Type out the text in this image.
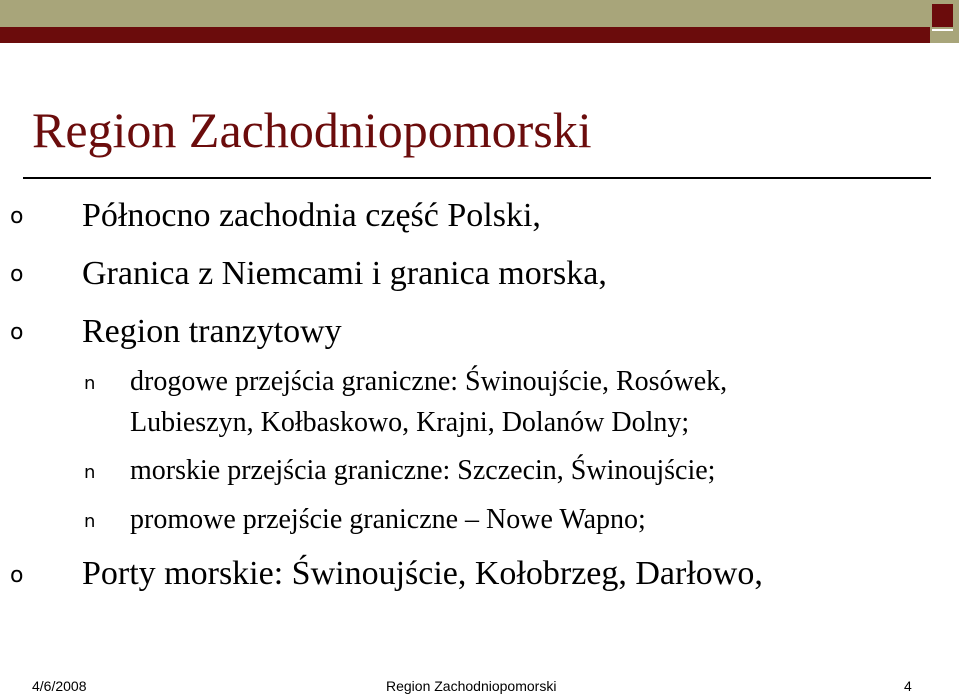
Region Zachodniopomorski
o Północno zachodnia część Polski,
o Granica z Niemcami i granica morska,
o Region tranzytowy
n drogowe przejścia graniczne: Świnoujście, Rosówek,
Lubieszyn, Kołbaskowo, Krajni, Dolanów Dolny;
n morskie przejścia graniczne: Szczecin, Świnoujście;
n promowe przejście graniczne – Nowe Wapno;
o Porty morskie: Świnoujście, Kołobrzeg, Darłowo,
4/6/2008	Region Zachodniopomorski	4
